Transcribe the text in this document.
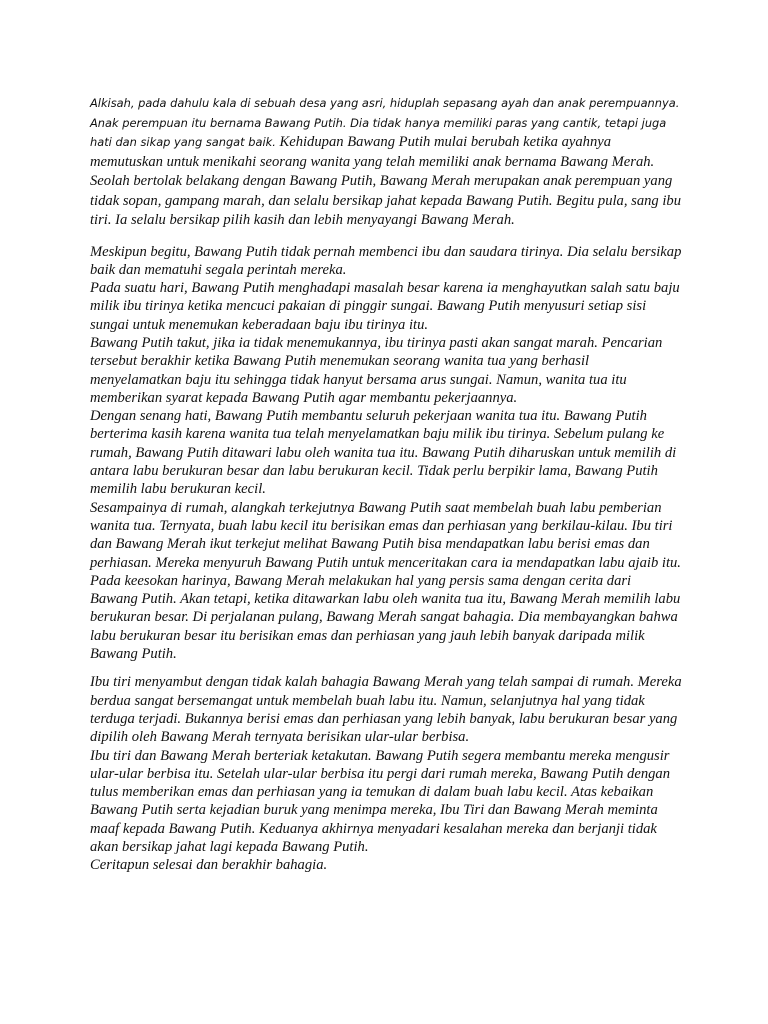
Alkisah, pada dahulu kala di sebuah desa yang asri, hiduplah sepasang ayah dan anak perempuannya. Anak perempuan itu bernama Bawang Putih. Dia tidak hanya memiliki paras yang cantik, tetapi juga hati dan sikap yang sangat baik. Kehidupan Bawang Putih mulai berubah ketika ayahnya memutuskan untuk menikahi seorang wanita yang telah memiliki anak bernama Bawang Merah. Seolah bertolak belakang dengan Bawang Putih, Bawang Merah merupakan anak perempuan yang tidak sopan, gampang marah, dan selalu bersikap jahat kepada Bawang Putih. Begitu pula, sang ibu tiri. Ia selalu bersikap pilih kasih dan lebih menyayangi Bawang Merah.

Meskipun begitu, Bawang Putih tidak pernah membenci ibu dan saudara tirinya. Dia selalu bersikap baik dan mematuhi segala perintah mereka.

Pada suatu hari, Bawang Putih menghadapi masalah besar karena ia menghayutkan salah satu baju milik ibu tirinya ketika mencuci pakaian di pinggir sungai. Bawang Putih menyusuri setiap sisi sungai untuk menemukan keberadaan baju ibu tirinya itu.

Bawang Putih takut, jika ia tidak menemukannya, ibu tirinya pasti akan sangat marah. Pencarian tersebut berakhir ketika Bawang Putih menemukan seorang wanita tua yang berhasil menyelamatkan baju itu sehingga tidak hanyut bersama arus sungai. Namun, wanita tua itu memberikan syarat kepada Bawang Putih agar membantu pekerjaannya.

Dengan senang hati, Bawang Putih membantu seluruh pekerjaan wanita tua itu. Bawang Putih berterima kasih karena wanita tua telah menyelamatkan baju milik ibu tirinya. Sebelum pulang ke rumah, Bawang Putih ditawari labu oleh wanita tua itu. Bawang Putih diharuskan untuk memilih di antara labu berukuran besar dan labu berukuran kecil. Tidak perlu berpikir lama, Bawang Putih memilih labu berukuran kecil.

Sesampainya di rumah, alangkah terkejutnya Bawang Putih saat membelah buah labu pemberian wanita tua. Ternyata, buah labu kecil itu berisikan emas dan perhiasan yang berkilau-kilau. Ibu tiri dan Bawang Merah ikut terkejut melihat Bawang Putih bisa mendapatkan labu berisi emas dan perhiasan. Mereka menyuruh Bawang Putih untuk menceritakan cara ia mendapatkan labu ajaib itu.

Pada keesokan harinya, Bawang Merah melakukan hal yang persis sama dengan cerita dari Bawang Putih. Akan tetapi, ketika ditawarkan labu oleh wanita tua itu, Bawang Merah memilih labu berukuran besar. Di perjalanan pulang, Bawang Merah sangat bahagia. Dia membayangkan bahwa labu berukuran besar itu berisikan emas dan perhiasan yang jauh lebih banyak daripada milik Bawang Putih.

Ibu tiri menyambut dengan tidak kalah bahagia Bawang Merah yang telah sampai di rumah. Mereka berdua sangat bersemangat untuk membelah buah labu itu. Namun, selanjutnya hal yang tidak terduga terjadi. Bukannya berisi emas dan perhiasan yang lebih banyak, labu berukuran besar yang dipilih oleh Bawang Merah ternyata berisikan ular-ular berbisa.

Ibu tiri dan Bawang Merah berteriak ketakutan. Bawang Putih segera membantu mereka mengusir ular-ular berbisa itu. Setelah ular-ular berbisa itu pergi dari rumah mereka, Bawang Putih dengan tulus memberikan emas dan perhiasan yang ia temukan di dalam buah labu kecil. Atas kebaikan Bawang Putih serta kejadian buruk yang menimpa mereka, Ibu Tiri dan Bawang Merah meminta maaf kepada Bawang Putih. Keduanya akhirnya menyadari kesalahan mereka dan berjanji tidak akan bersikap jahat lagi kepada Bawang Putih.

Ceritapun selesai dan berakhir bahagia.
